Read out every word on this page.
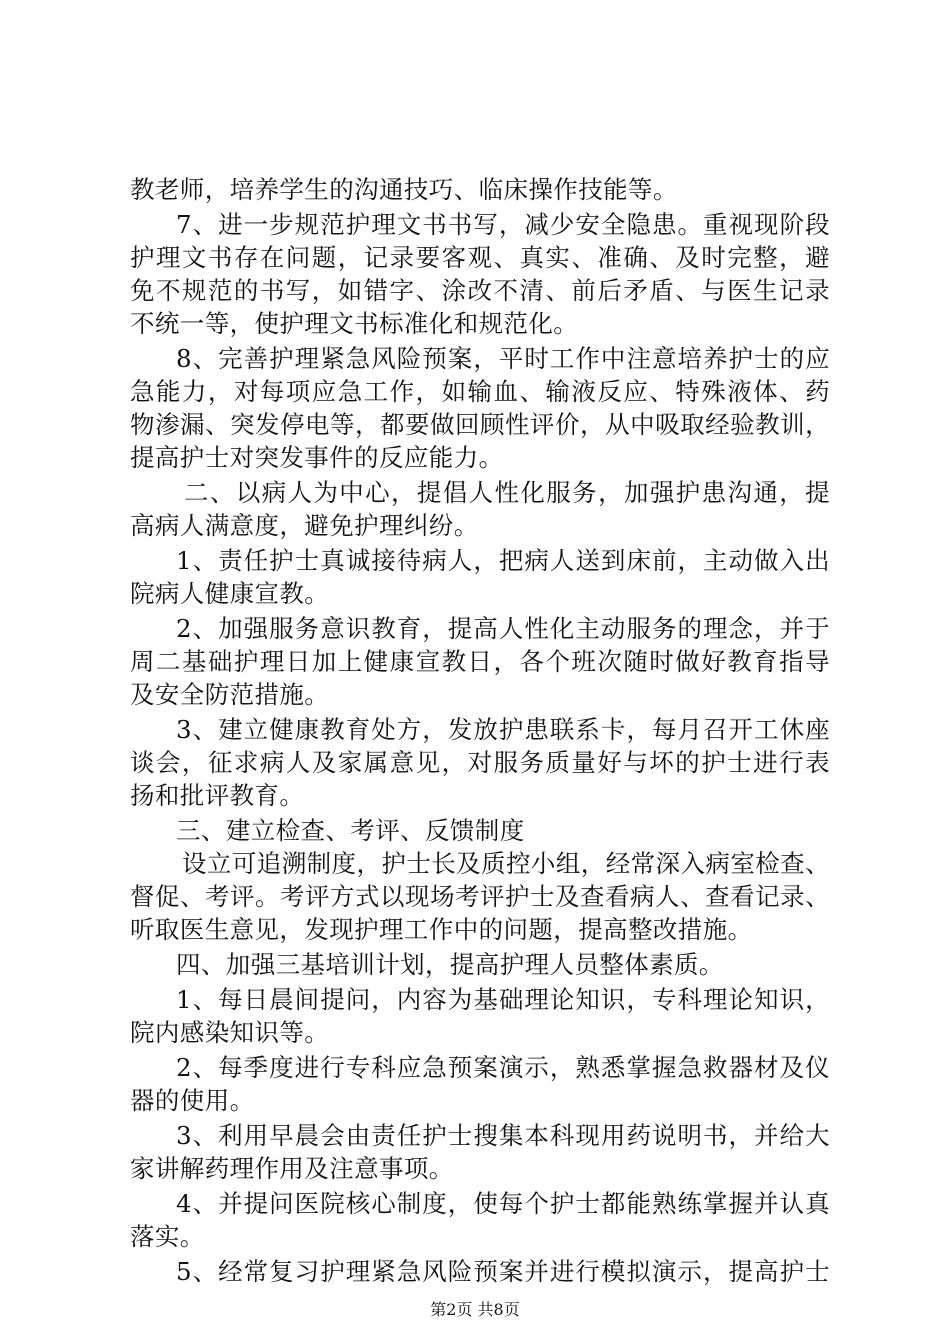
教老师，培养学生的沟通技巧、临床操作技能等。
7、进一步规范护理文书书写，减少安全隐患。重视现阶段
护理文书存在问题，记录要客观、真实、准确、及时完整，避
免不规范的书写，如错字、涂改不清、前后矛盾、与医生记录
不统一等，使护理文书标准化和规范化。
8、完善护理紧急风险预案，平时工作中注意培养护士的应
急能力，对每项应急工作，如输血、输液反应、特殊液体、药
物渗漏、突发停电等，都要做回顾性评价，从中吸取经验教训，
提高护士对突发事件的反应能力。
二、以病人为中心，提倡人性化服务，加强护患沟通，提
高病人满意度，避免护理纠纷。
1、责任护士真诚接待病人，把病人送到床前，主动做入出
院病人健康宣教。
2、加强服务意识教育，提高人性化主动服务的理念，并于
周二基础护理日加上健康宣教日，各个班次随时做好教育指导
及安全防范措施。
3、建立健康教育处方，发放护患联系卡，每月召开工休座
谈会，征求病人及家属意见，对服务质量好与坏的护士进行表
扬和批评教育。
三、建立检查、考评、反馈制度
设立可追溯制度，护士长及质控小组，经常深入病室检查、
督促、考评。考评方式以现场考评护士及查看病人、查看记录、
听取医生意见，发现护理工作中的问题，提高整改措施。
四、加强三基培训计划，提高护理人员整体素质。
1、每日晨间提问，内容为基础理论知识，专科理论知识，
院内感染知识等。
2、每季度进行专科应急预案演示，熟悉掌握急救器材及仪
器的使用。
3、利用早晨会由责任护士搜集本科现用药说明书，并给大
家讲解药理作用及注意事项。
4、并提问医院核心制度，使每个护士都能熟练掌握并认真
落实。
5、经常复习护理紧急风险预案并进行模拟演示，提高护士
第2页 共8页
